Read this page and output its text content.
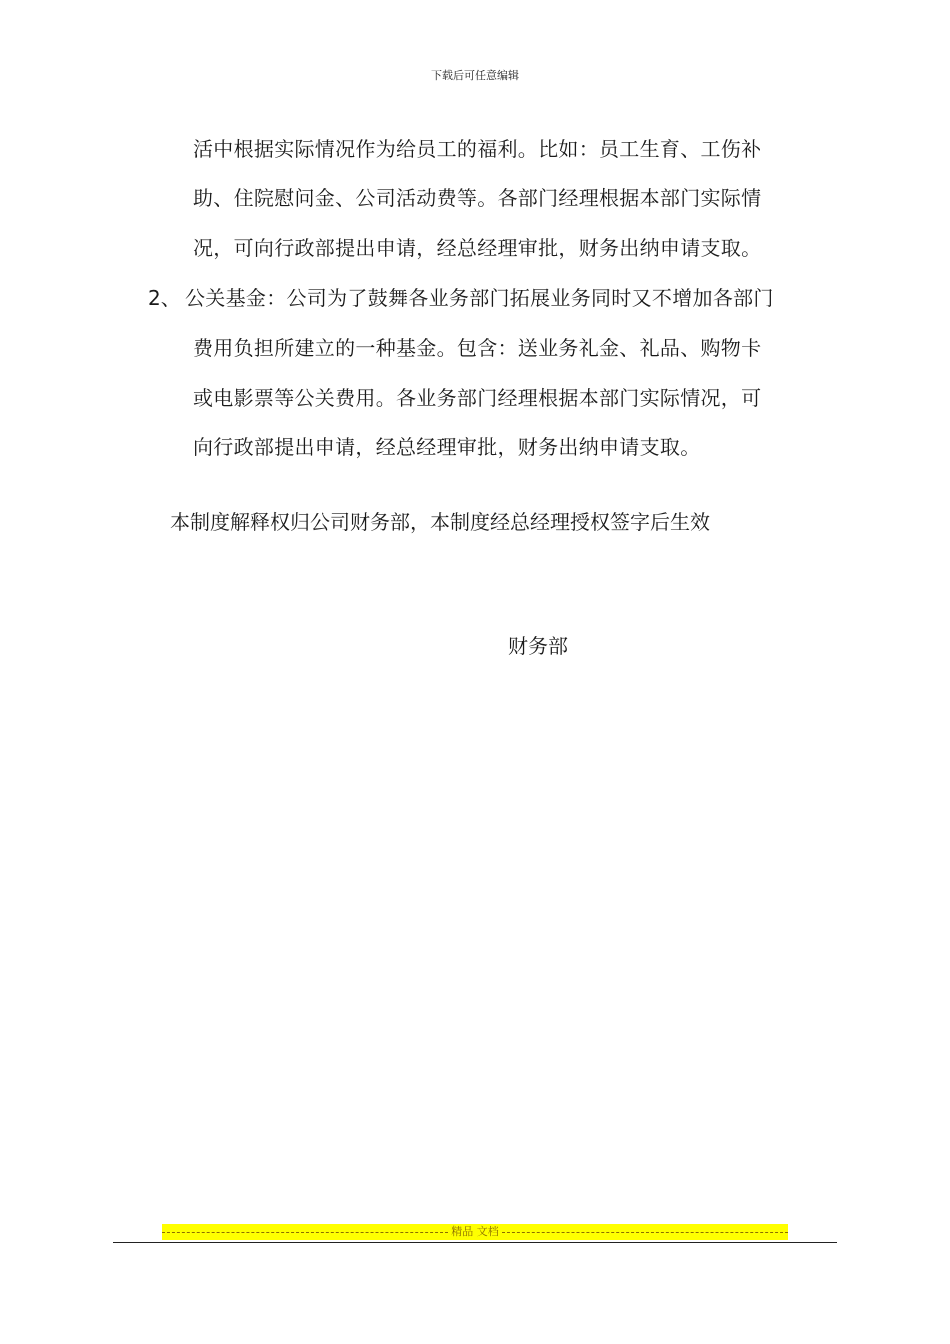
下载后可任意编辑
活中根据实际情况作为给员工的福利。比如：员工生育、工伤补
助、住院慰问金、公司活动费等。各部门经理根据本部门实际情
况，可向行政部提出申请，经总经理审批，财务出纳申请支取。
2、 公关基金：公司为了鼓舞各业务部门拓展业务同时又不增加各部门
费用负担所建立的一种基金。包含：送业务礼金、礼品、购物卡
或电影票等公关费用。各业务部门经理根据本部门实际情况，可
向行政部提出申请，经总经理审批，财务出纳申请支取。
本制度解释权归公司财务部，本制度经总经理授权签字后生效
财务部
精品 文档
